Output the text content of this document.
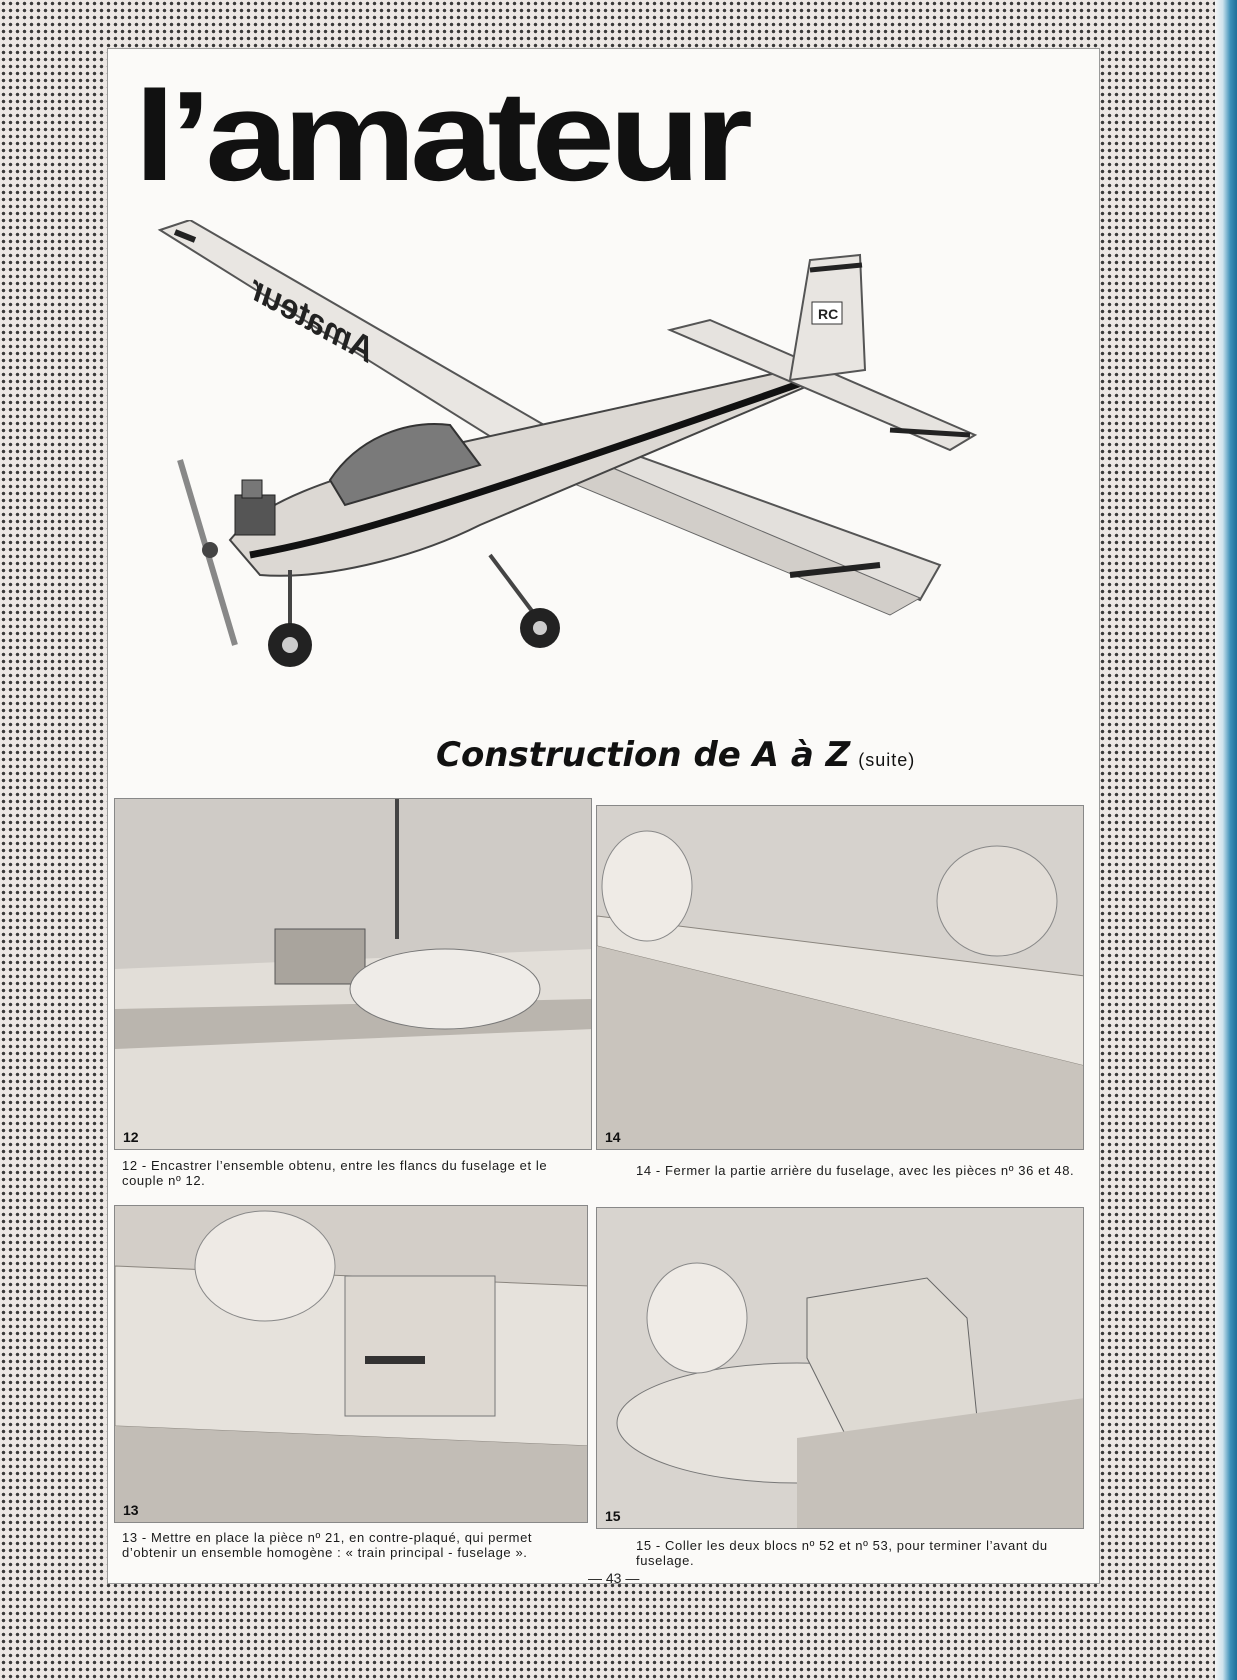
l’amateur
Amateur	RC
Construction de A à Z (suite)
12

12 - Encastrer l’ensemble obtenu, entre les flancs du fuselage et le couple nº 12.

14

14 - Fermer la partie arrière du fuselage, avec les pièces nº 36 et 48.

13

13 - Mettre en place la pièce nº 21, en contre-plaqué, qui permet d’obtenir un ensemble homogène : « train principal - fuselage ».

15

15 - Coller les deux blocs nº 52 et nº 53, pour terminer l’avant du fuselage.

— 43 —
